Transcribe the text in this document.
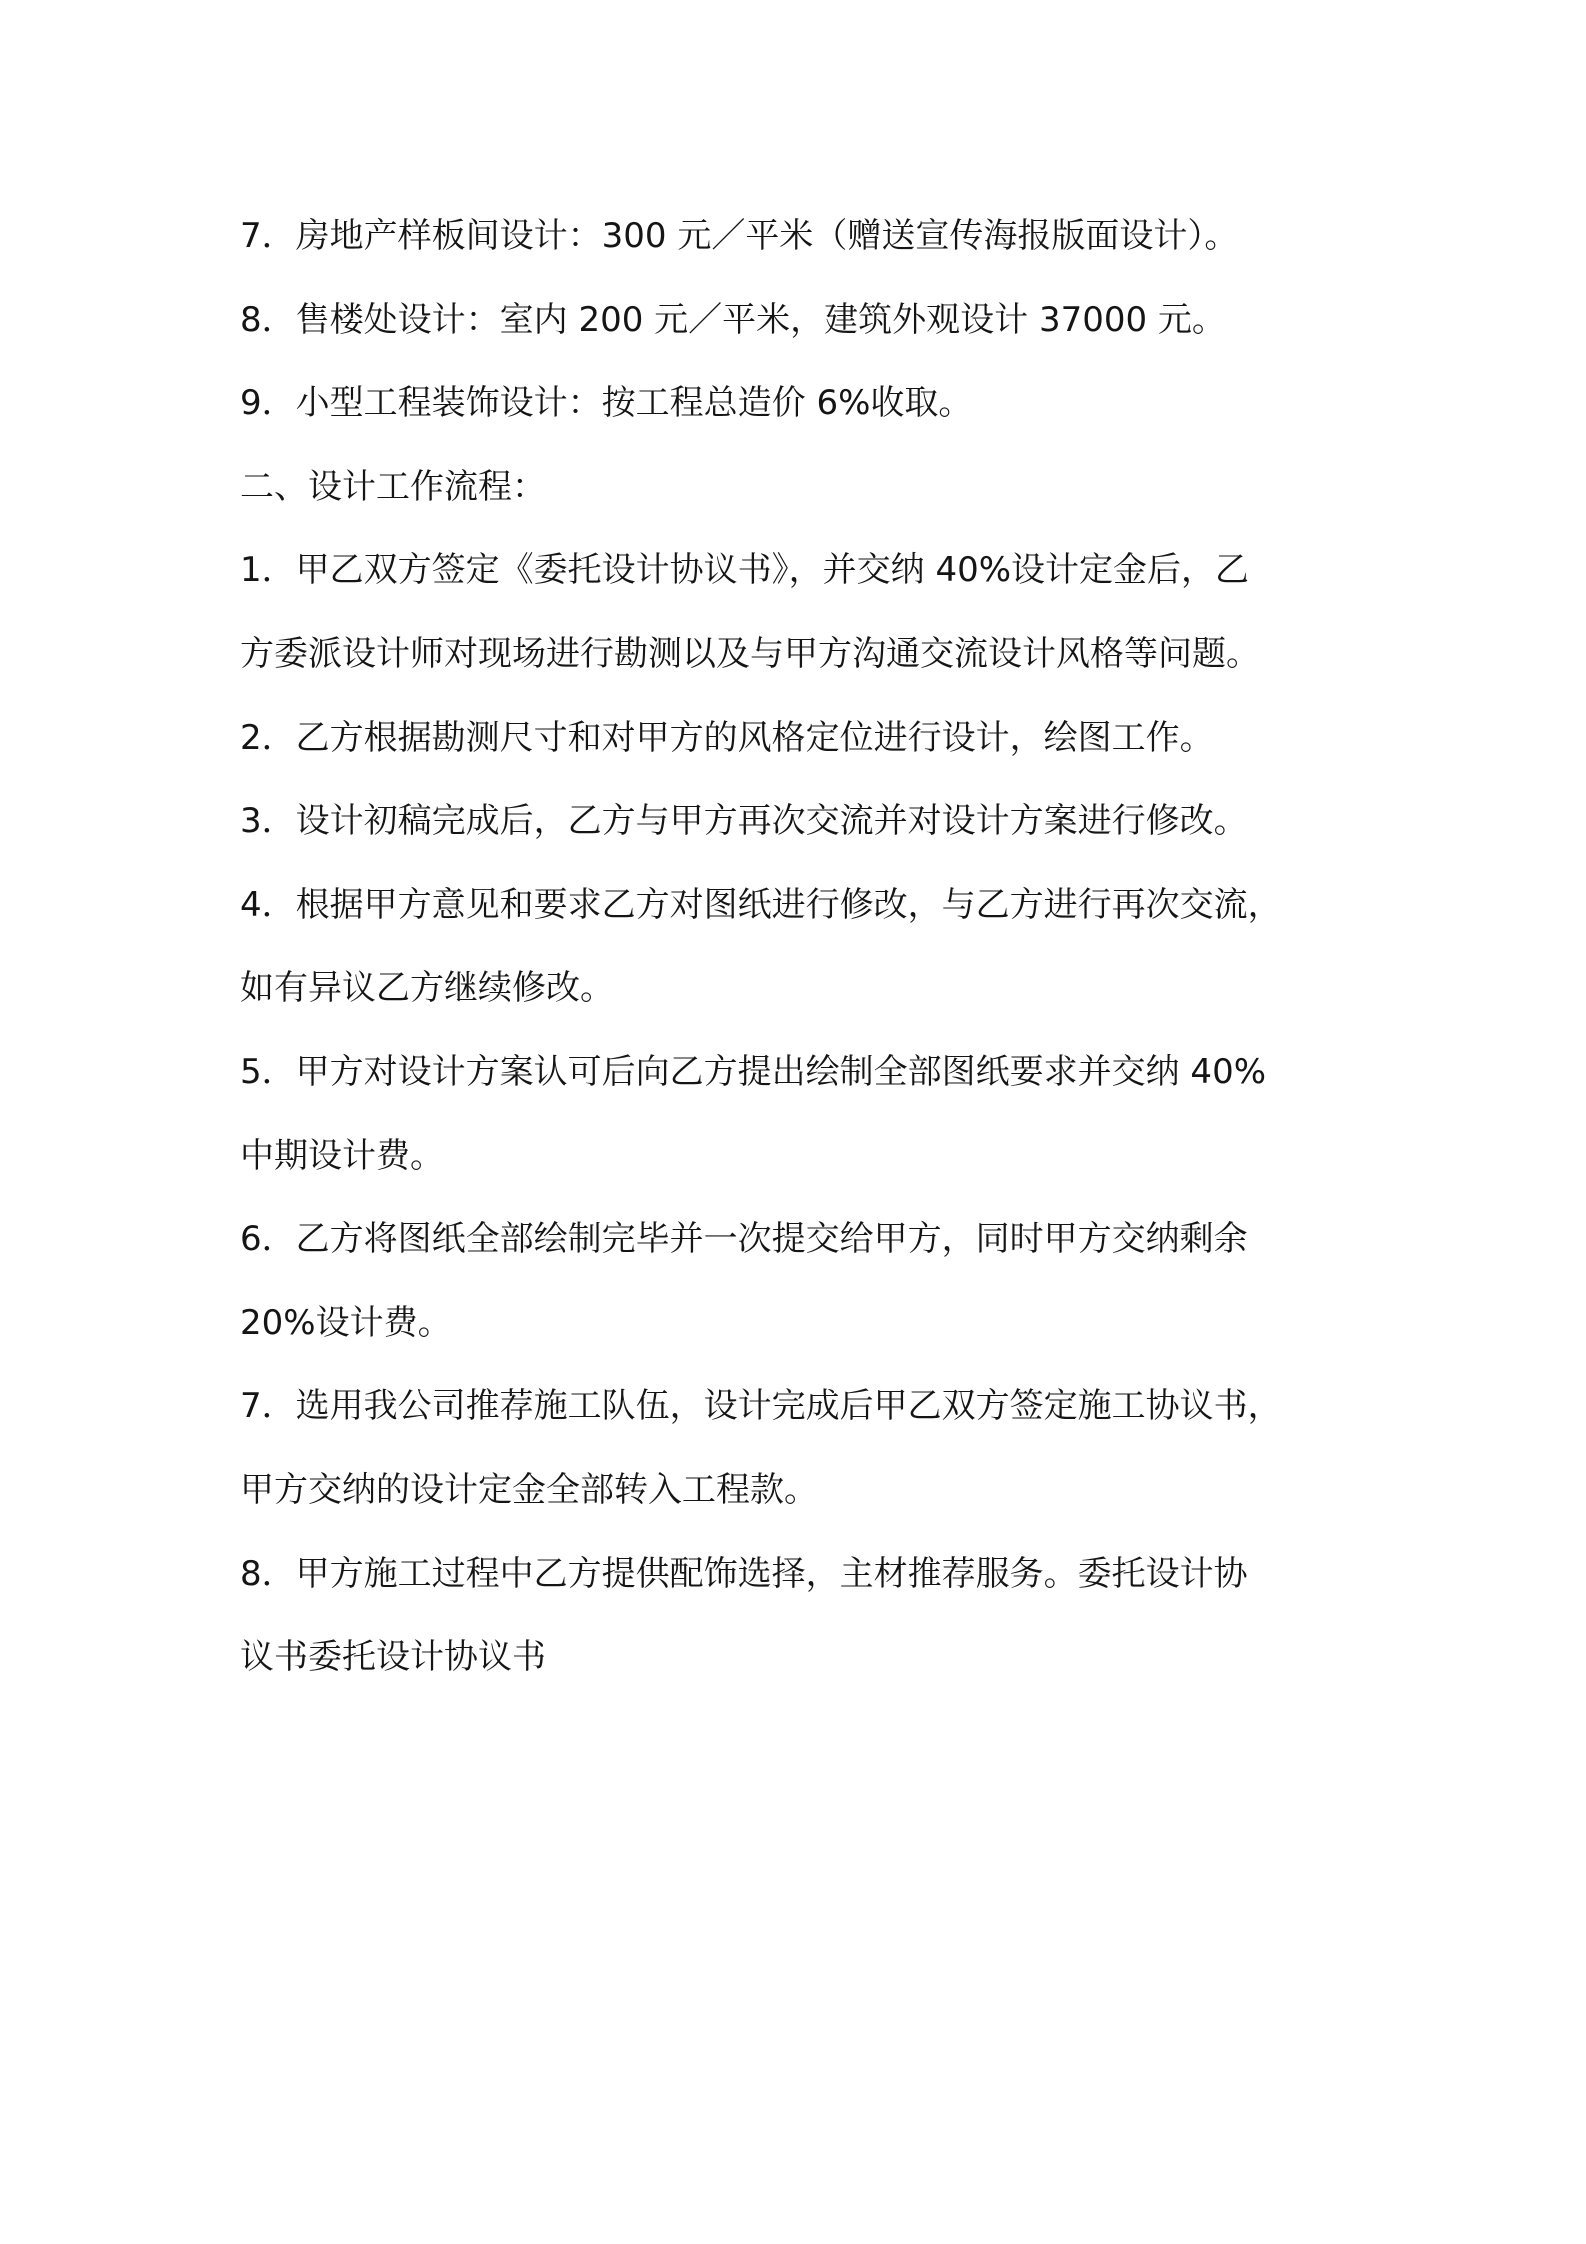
7．房地产样板间设计：300 元／平米（赠送宣传海报版面设计）。
8．售楼处设计：室内 200 元／平米，建筑外观设计 37000 元。
9．小型工程装饰设计：按工程总造价 6%收取。
二、设计工作流程：
1．甲乙双方签定《委托设计协议书》，并交纳 40%设计定金后，乙
方委派设计师对现场进行勘测以及与甲方沟通交流设计风格等问题。
2．乙方根据勘测尺寸和对甲方的风格定位进行设计，绘图工作。
3．设计初稿完成后，乙方与甲方再次交流并对设计方案进行修改。
4．根据甲方意见和要求乙方对图纸进行修改，与乙方进行再次交流，
如有异议乙方继续修改。
5．甲方对设计方案认可后向乙方提出绘制全部图纸要求并交纳 40%
中期设计费。
6．乙方将图纸全部绘制完毕并一次提交给甲方，同时甲方交纳剩余
20%设计费。
7．选用我公司推荐施工队伍，设计完成后甲乙双方签定施工协议书，
甲方交纳的设计定金全部转入工程款。
8．甲方施工过程中乙方提供配饰选择，主材推荐服务。委托设计协
议书委托设计协议书
